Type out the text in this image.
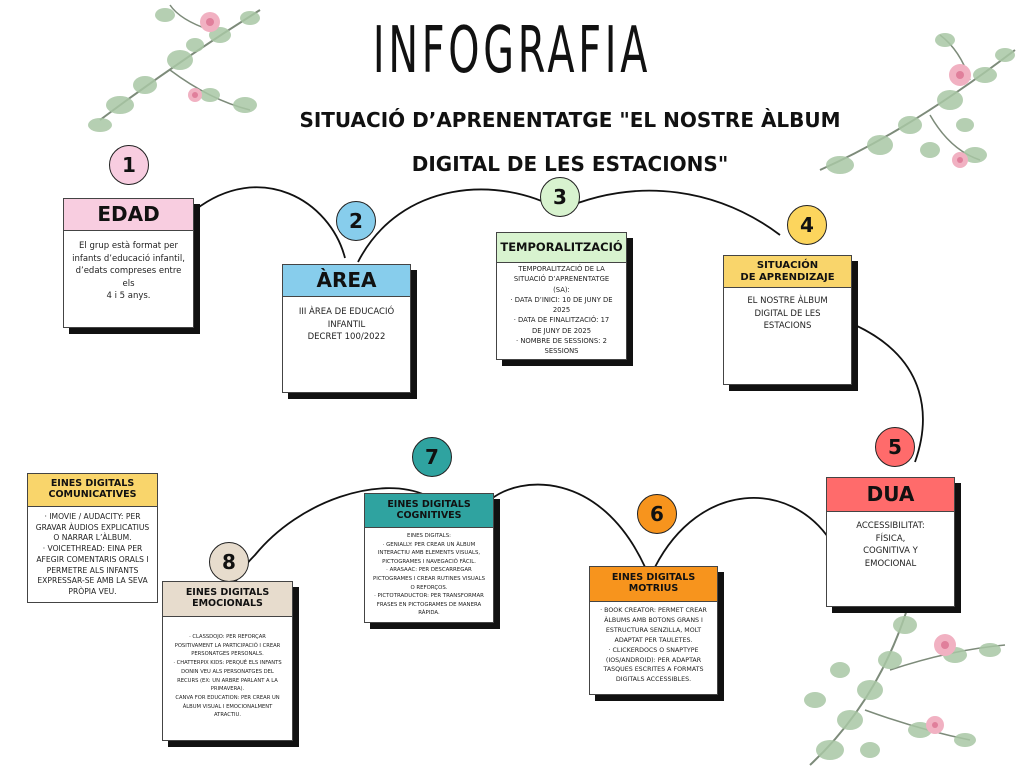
INFOGRAFIA
SITUACIÓ D’APRENENTATGE "EL NOSTRE ÀLBUM DIGITAL DE LES ESTACIONS"
1
2
3
4
5
6
7
8
EDAD
El grup està format per
infants d’educació infantil,
d’edats compreses entre els
4 i 5 anys.
ÀREA
III ÀREA DE EDUCACIÓ
INFANTIL
DECRET 100/2022
TEMPORALITZACIÓ
TEMPORALITZACIÓ DE LA
SITUACIÓ D’APRENENTATGE
(SA):
· DATA D’INICI: 10 DE JUNY DE
2025
· DATA DE FINALITZACIÓ: 17
DE JUNY DE 2025
· NOMBRE DE SESSIONS: 2
SESSIONS
SITUACIÓN
DE APRENDIZAJE
EL NOSTRE ÀLBUM
DIGITAL DE LES
ESTACIONS
DUA
ACCESSIBILITAT:
FÍSICA,
COGNITIVA Y
EMOCIONAL
EINES DIGITALS
MOTRIUS
· BOOK CREATOR: PERMET CREAR
ÀLBUMS AMB BOTONS GRANS I
ESTRUCTURA SENZILLA, MOLT
ADAPTAT PER TAULETES.
· CLICKERDOCS O SNAPTYPE
(IOS/ANDROID): PER ADAPTAR
TASQUES ESCRITES A FORMATS
DIGITALS ACCESSIBLES.
EINES DIGITALS
COGNITIVES
EINES DIGITALS:
· GENIALLY: PER CREAR UN ÀLBUM
INTERACTIU AMB ELEMENTS VISUALS,
PICTOGRAMES I NAVEGACIÓ FÀCIL.
· ARASAAC: PER DESCARREGAR
PICTOGRAMES I CREAR RUTINES VISUALS
O REFORÇOS.
· PICTOTRADUCTOR: PER TRANSFORMAR
FRASES EN PICTOGRAMES DE MANERA
RÀPIDA.
EINES DIGITALS
EMOCIONALS
· CLASSDOJO: PER REFORÇAR
POSITIVAMENT LA PARTICIPACIÓ I CREAR
PERSONATGES PERSONALS.
· CHATTERPIX KIDS: PERQUÈ ELS INFANTS
DONIN VEU ALS PERSONATGES DEL
RECURS (EX: UN ARBRE PARLANT A LA
PRIMAVERA).
CANVA FOR EDUCATION: PER CREAR UN
ÀLBUM VISUAL I EMOCIONALMENT
ATRACTIU.
EINES DIGITALS
COMUNICATIVES
· IMOVIE / AUDACITY: PER
GRAVAR ÀUDIOS EXPLICATIUS
O NARRAR L’ÀLBUM.
· VOICETHREAD: EINA PER
AFEGIR COMENTARIS ORALS I
PERMETRE ALS INFANTS
EXPRESSAR-SE AMB LA SEVA
PRÒPIA VEU.
